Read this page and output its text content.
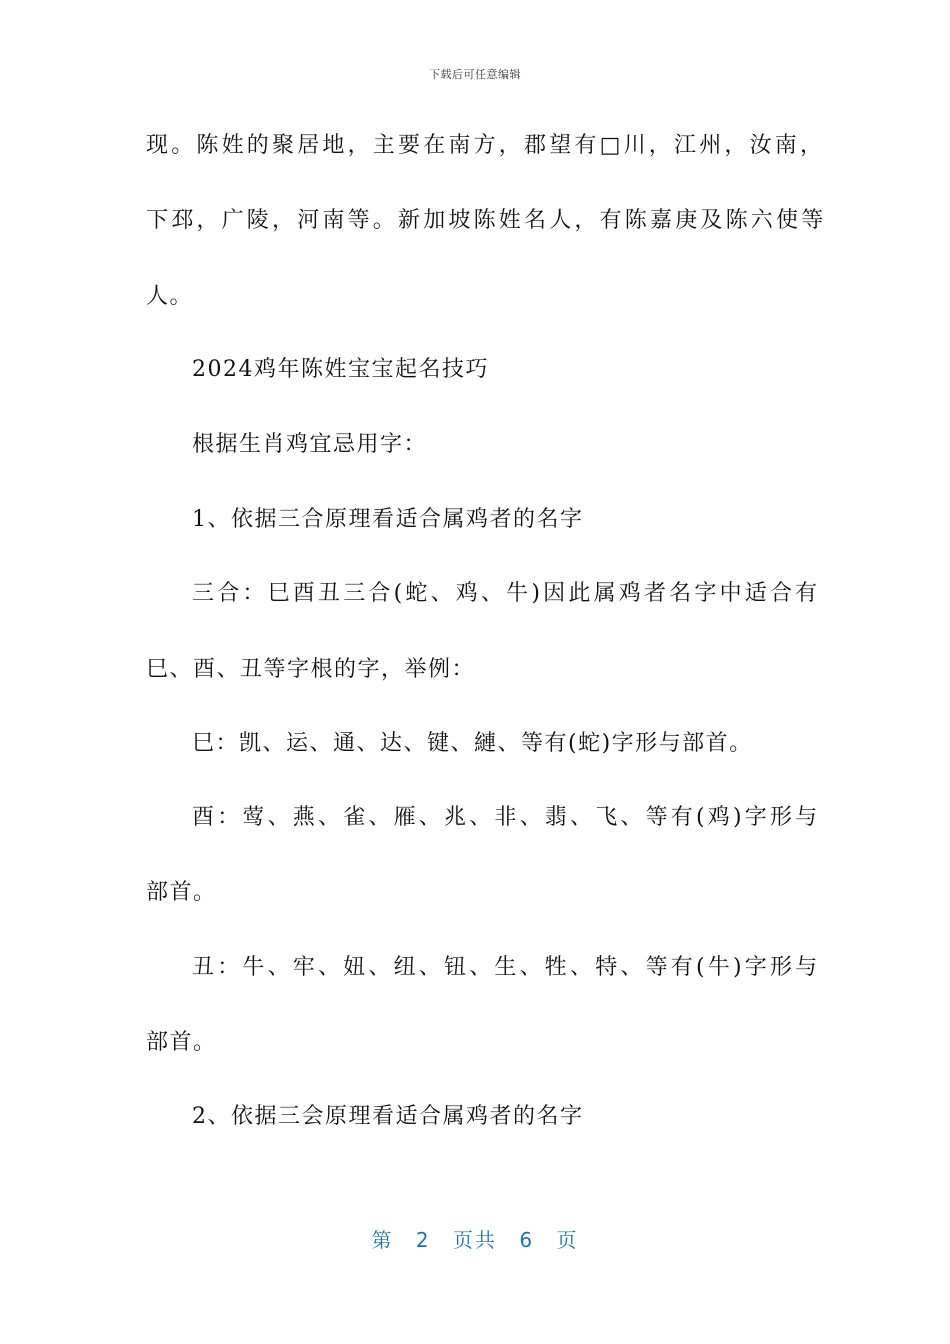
下载后可任意编辑
现。陈姓的聚居地，主要在南方，郡望有□川，江州，汝南，
下邳，广陵，河南等。新加坡陈姓名人，有陈嘉庚及陈六使等
人。
2024鸡年陈姓宝宝起名技巧
根据生肖鸡宜忌用字：
1、依据三合原理看适合属鸡者的名字
三合：巳酉丑三合(蛇、鸡、牛)因此属鸡者名字中适合有
巳、酉、丑等字根的字，举例：
巳：凯、运、通、达、键、縺、等有(蛇)字形与部首。
酉：莺、燕、雀、雁、兆、非、翡、飞、等有(鸡)字形与
部首。
丑：牛、牢、妞、纽、钮、生、牲、特、等有(牛)字形与
部首。
2、依据三会原理看适合属鸡者的名字
第 2 页共 6 页
